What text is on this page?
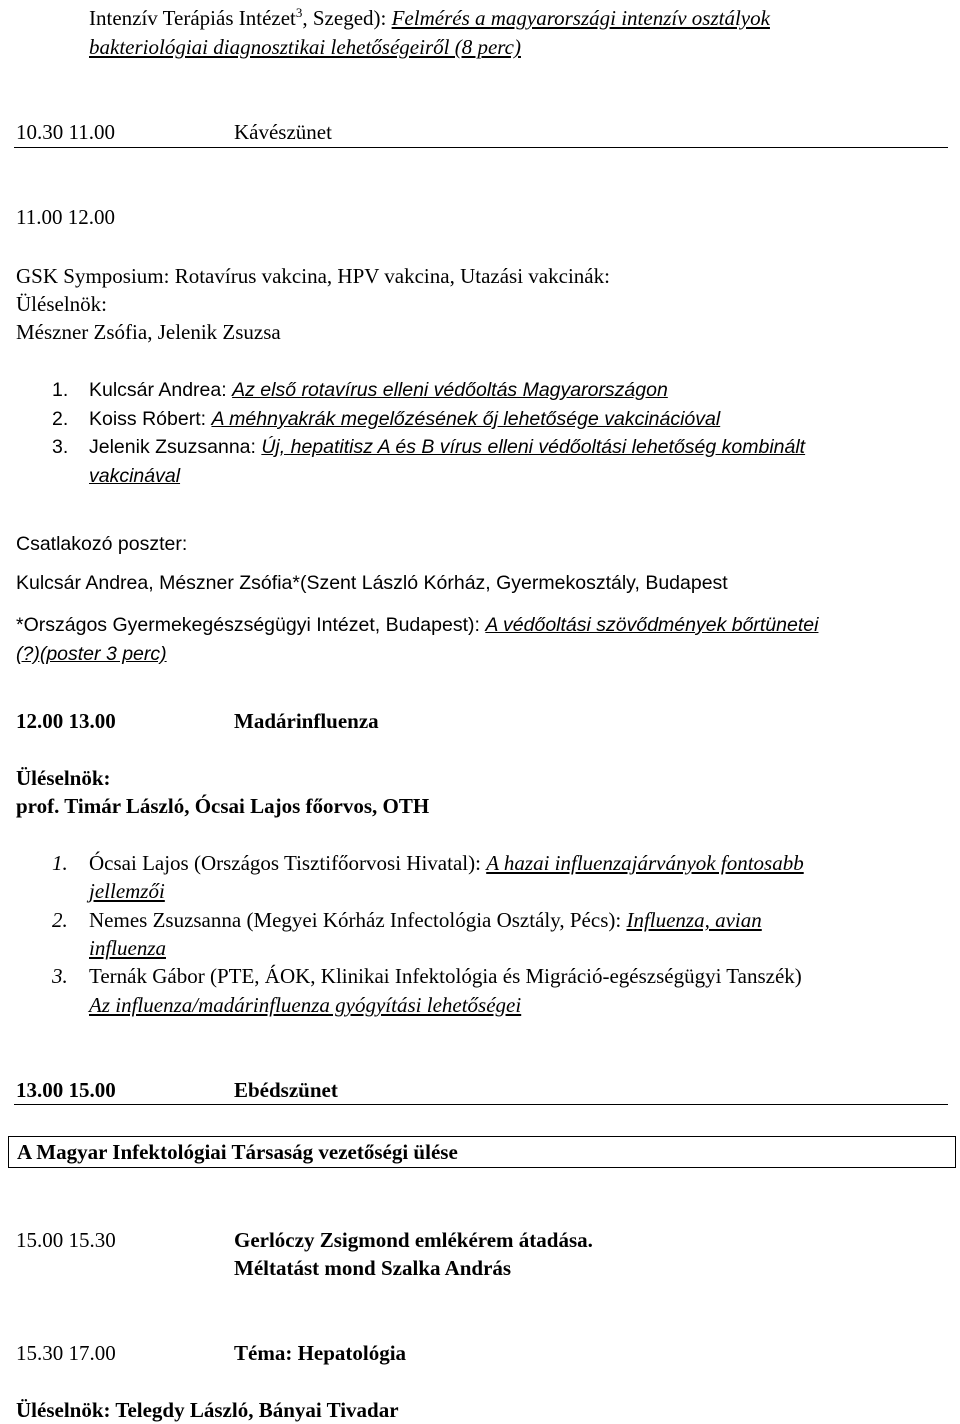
Intenzív Terápiás Intézet$^3$, Szeged): Felmérés a magyarországi intenzív osztályok
bakteriológiai diagnosztikai lehetőségeiről (8 perc)
10.30 11.00	Kávészünet
11.00 12.00
GSK Symposium: Rotavírus vakcina, HPV vakcina, Utazási vakcinák:
Üléselnök:
Mészner Zsófia, Jelenik Zsuzsa
1. Kulcsár Andrea: Az első rotavírus elleni védőoltás Magyarországon
2. Koiss Róbert: A méhnyakrák megelőzésének őj lehetősége vakcinációval
3. Jelenik Zsuzsanna: Új, hepatitisz A és B vírus elleni védőoltási lehetőség kombinált
vakcinával
Csatlakozó poszter:
Kulcsár Andrea, Mészner Zsófia*(Szent László Kórház, Gyermekosztály, Budapest
*Országos Gyermekegészségügyi Intézet, Budapest): A védőoltási szövődmények bőrtünetei
(?)(poster 3 perc)
12.00 13.00	Madárinfluenza
Üléselnök:
prof. Timár László, Ócsai Lajos főorvos, OTH
1. Ócsai Lajos (Országos Tisztifőorvosi Hivatal): A hazai influenzajárványok fontosabb
jellemzői
2. Nemes Zsuzsanna (Megyei Kórház Infectológia Osztály, Pécs): Influenza, avian
influenza
3. Ternák Gábor (PTE, ÁOK, Klinikai Infektológia és Migráció-egészségügyi Tanszék)
Az influenza/madárinfluenza gyógyítási lehetőségei
13.00 15.00	Ebédszünet
A Magyar Infektológiai Társaság vezetőségi ülése
15.00 15.30	Gerlóczy Zsigmond emlékérem átadása.
Méltatást mond Szalka András
15.30 17.00	Téma: Hepatológia
Üléselnök: Telegdy László, Bányai Tivadar
